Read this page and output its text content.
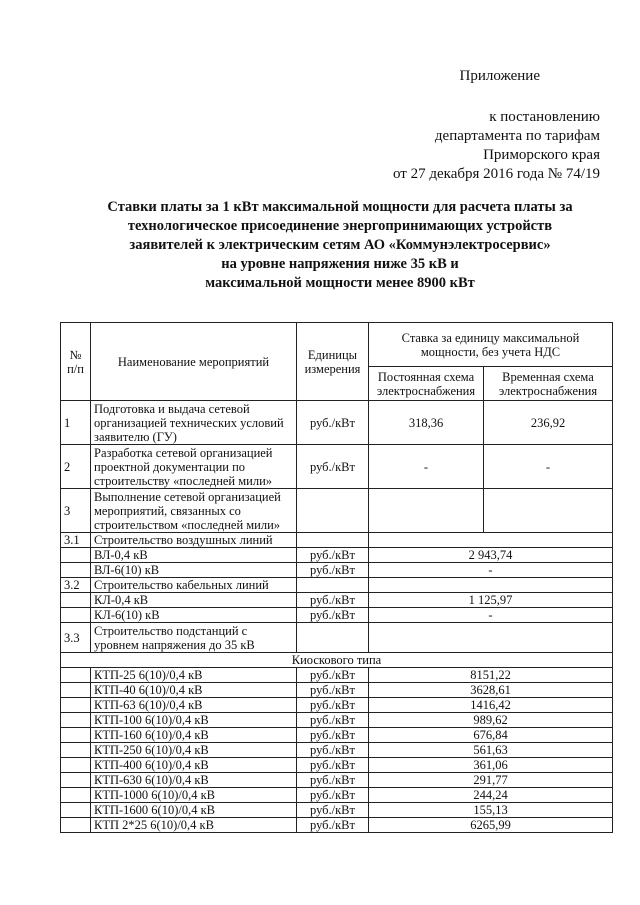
Приложение
к постановлению
департамента по тарифам
Приморского края
от 27 декабря 2016 года № 74/19
Ставки платы за 1 кВт максимальной мощности для расчета платы за
технологическое присоединение энергопринимающих устройств
заявителей к электрическим сетям АО «Коммунэлектросервис»
на уровне напряжения ниже 35 кВ и
максимальной мощности менее 8900 кВт
№ п/п	Наименование мероприятий	Единицы измерения	Ставка за единицу максимальной мощности, без учета НДС	
			Постоянная схема электроснабжения	Временная схема электроснабжения
1	Подготовка и выдача сетевой организацией технических условий заявителю (ГУ)	руб./кВт	318,36	236,92
2	Разработка сетевой организацией проектной документации по строительству «последней мили»	руб./кВт	-	-
3	Выполнение сетевой организацией мероприятий, связанных со строительством «последней мили»			
3.1	Строительство воздушных линий			
	ВЛ-0,4 кВ	руб./кВт	2 943,74	
	ВЛ-6(10) кВ	руб./кВт	-	
3.2	Строительство кабельных линий			
	КЛ-0,4 кВ	руб./кВт	1 125,97	
	КЛ-6(10) кВ	руб./кВт	-	
3.3	Строительство подстанций с уровнем напряжения до 35 кВ			
Киоскового типа				
	КТП-25 6(10)/0,4 кВ	руб./кВт	8151,22	
	КТП-40 6(10)/0,4 кВ	руб./кВт	3628,61	
	КТП-63 6(10)/0,4 кВ	руб./кВт	1416,42	
	КТП-100 6(10)/0,4 кВ	руб./кВт	989,62	
	КТП-160 6(10)/0,4 кВ	руб./кВт	676,84	
	КТП-250 6(10)/0,4 кВ	руб./кВт	561,63	
	КТП-400 6(10)/0,4 кВ	руб./кВт	361,06	
	КТП-630 6(10)/0,4 кВ	руб./кВт	291,77	
	КТП-1000 6(10)/0,4 кВ	руб./кВт	244,24	
	КТП-1600 6(10)/0,4 кВ	руб./кВт	155,13	
	КТП 2*25 6(10)/0,4 кВ	руб./кВт	6265,99	
